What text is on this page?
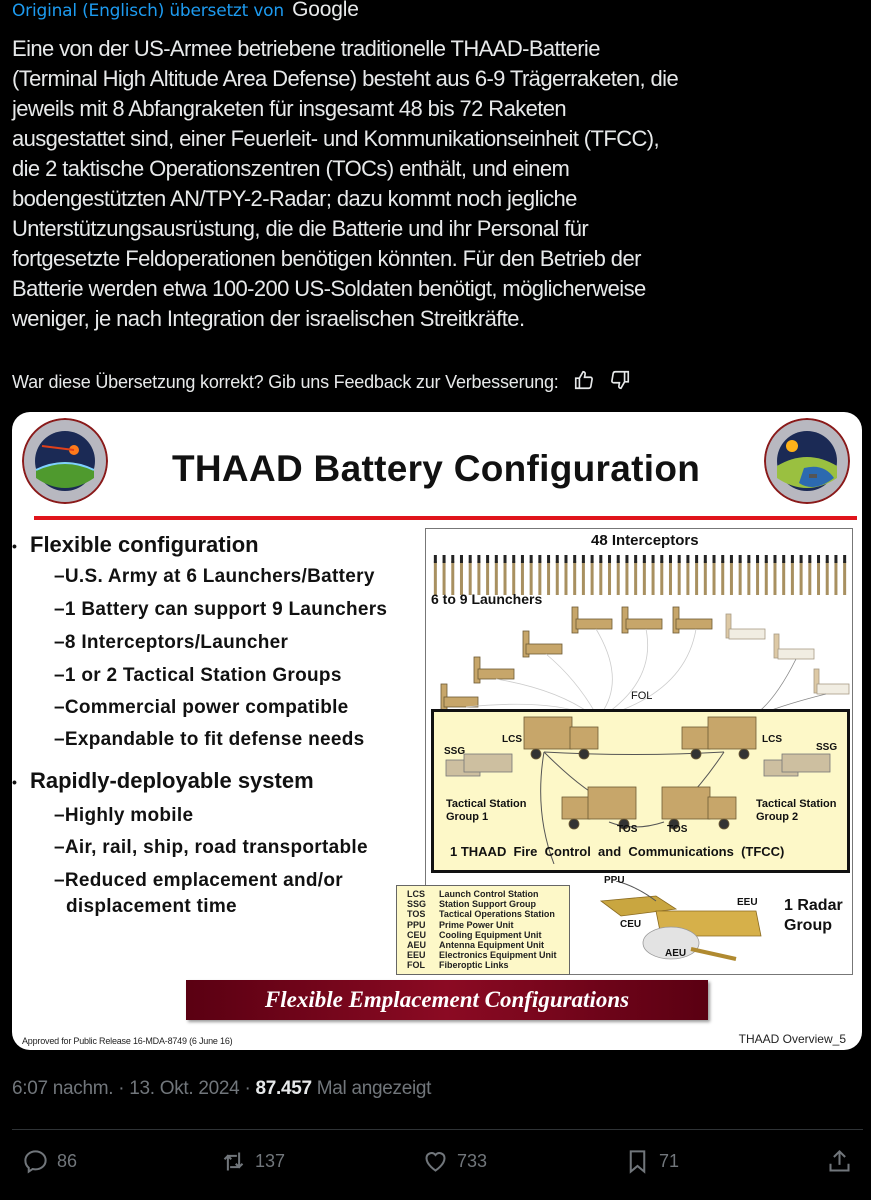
Original (Englisch) übersetzt von Google
Eine von der US-Armee betriebene traditionelle THAAD-Batterie
(Terminal High Altitude Area Defense) besteht aus 6-9 Trägerraketen, die
jeweils mit 8 Abfangraketen für insgesamt 48 bis 72 Raketen
ausgestattet sind, einer Feuerleit- und Kommunikationseinheit (TFCC),
die 2 taktische Operationszentren (TOCs) enthält, und einem
bodengestützten AN/TPY-2-Radar; dazu kommt noch jegliche
Unterstützungsausrüstung, die die Batterie und ihr Personal für
fortgesetzte Feldoperationen benötigen könnten. Für den Betrieb der
Batterie werden etwa 100-200 US-Soldaten benötigt, möglicherweise
weniger, je nach Integration der israelischen Streitkräfte.
War diese Übersetzung korrekt? Gib uns Feedback zur Verbesserung:
THAAD Battery Configuration
• Flexible configuration
–U.S. Army at 6 Launchers/Battery
–1 Battery can support 9 Launchers
–8 Interceptors/Launcher
–1 or 2 Tactical Station Groups
–Commercial power compatible
–Expandable to fit defense needs
• Rapidly-deployable system
–Highly mobile
–Air, rail, ship, road transportable
–Reduced emplacement and/or
displacement time
48 Interceptors
6 to 9 Launchers
FOL
LCS	LCS
SSG	SSG
Tactical Station
Group 1
Tactical Station
Group 2
TOS	TOS
1 THAAD  Fire  Control  and  Communications  (TFCC)
LCS	Launch Control Station
SSG	Station Support Group
TOS	Tactical Operations Station
PPU	Prime Power Unit
CEU	Cooling Equipment Unit
AEU	Antenna Equipment Unit
EEU	Electronics Equipment Unit
FOL	Fiberoptic Links
PPU
CEU
AEU
EEU 1 Radar
Group
Flexible Emplacement Configurations
Approved for Public Release 16-MDA-8749 (6 June 16)	THAAD Overview_5
6:07 nachm. · 13. Okt. 2024 · 87.457 Mal angezeigt
86	137	733	71
